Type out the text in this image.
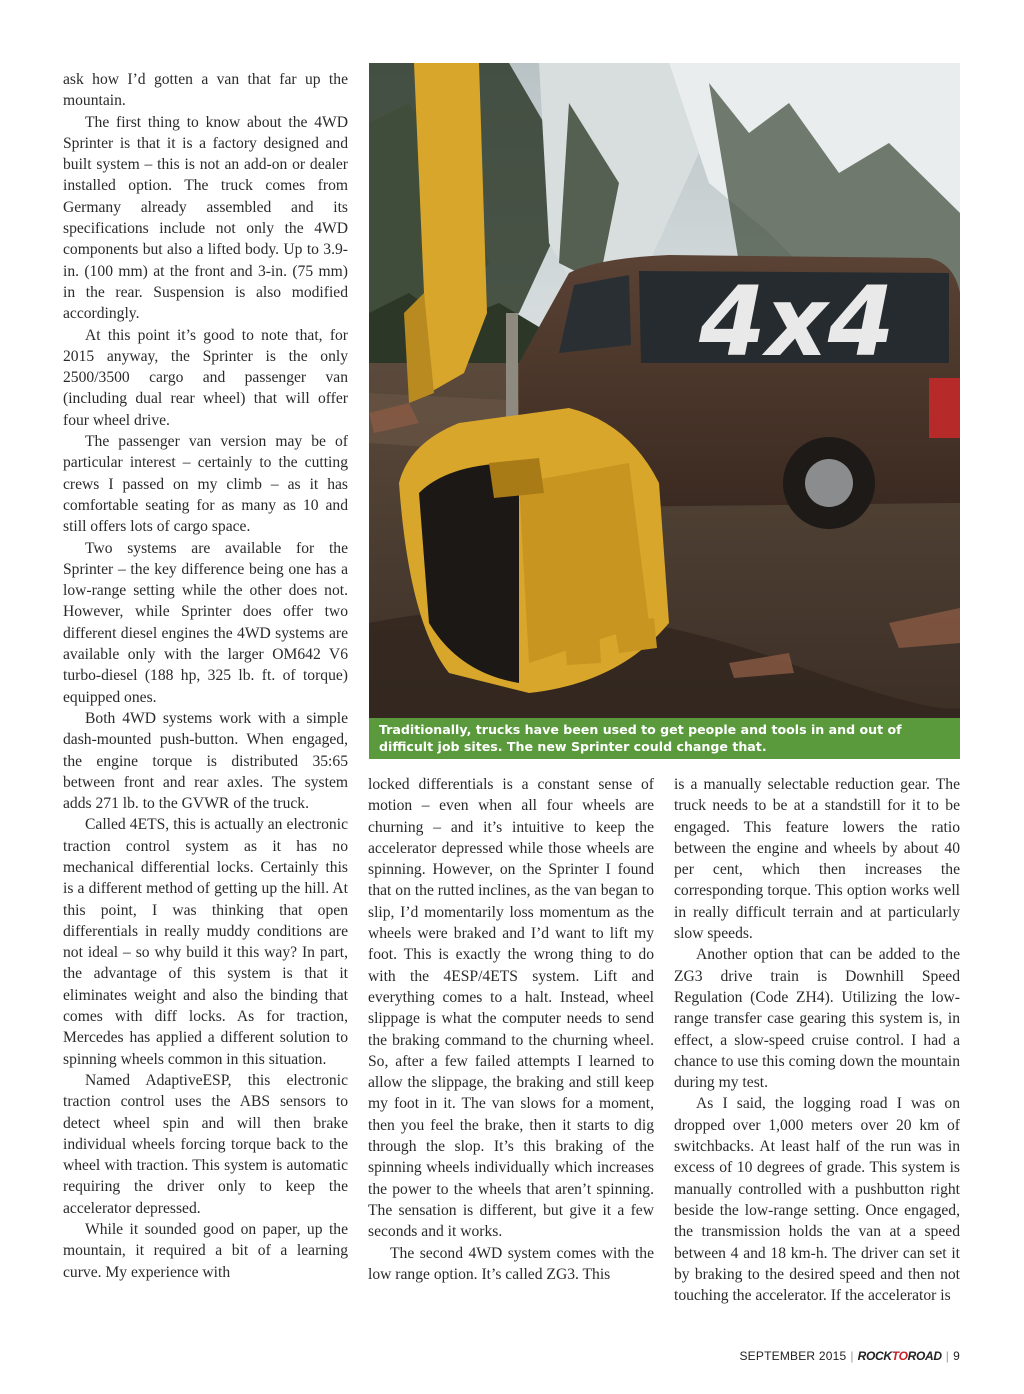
ask how I’d gotten a van that far up the mountain.

The first thing to know about the 4WD Sprinter is that it is a factory designed and built system – this is not an add-on or dealer installed option. The truck comes from Germany already assembled and its specifications include not only the 4WD components but also a lifted body. Up to 3.9-in. (100 mm) at the front and 3-in. (75 mm) in the rear. Suspension is also modified accordingly.

At this point it’s good to note that, for 2015 anyway, the Sprinter is the only 2500/3500 cargo and passenger van (including dual rear wheel) that will offer four wheel drive.

The passenger van version may be of particular interest – certainly to the cutting crews I passed on my climb – as it has comfortable seating for as many as 10 and still offers lots of cargo space.

Two systems are available for the Sprinter – the key difference being one has a low-range setting while the other does not. However, while Sprinter does offer two different diesel engines the 4WD systems are available only with the larger OM642 V6 turbo-diesel (188 hp, 325 lb. ft. of torque) equipped ones.

Both 4WD systems work with a simple dash-mounted push-button. When engaged, the engine torque is distributed 35:65 between front and rear axles. The system adds 271 lb. to the GVWR of the truck.

Called 4ETS, this is actually an electronic traction control system as it has no mechanical differential locks. Certainly this is a different method of getting up the hill. At this point, I was thinking that open differentials in really muddy conditions are not ideal – so why build it this way? In part, the advantage of this system is that it eliminates weight and also the binding that comes with diff locks. As for traction, Mercedes has applied a different solution to spinning wheels common in this situation.

Named AdaptiveESP, this electronic traction control uses the ABS sensors to detect wheel spin and will then brake individual wheels forcing torque back to the wheel with traction. This system is automatic requiring the driver only to keep the accelerator depressed.

While it sounded good on paper, up the mountain, it required a bit of a learning curve. My experience with

4x4
Traditionally, trucks have been used to get people and tools in and out of difficult job sites. The new Sprinter could change that.

locked differentials is a constant sense of motion – even when all four wheels are churning – and it’s intuitive to keep the accelerator depressed while those wheels are spinning. However, on the Sprinter I found that on the rutted inclines, as the van began to slip, I’d momentarily loss momentum as the wheels were braked and I’d want to lift my foot. This is exactly the wrong thing to do with the 4ESP/4ETS system. Lift and everything comes to a halt. Instead, wheel slippage is what the computer needs to send the braking command to the churning wheel. So, after a few failed attempts I learned to allow the slippage, the braking and still keep my foot in it. The van slows for a moment, then you feel the brake, then it starts to dig through the slop. It’s this braking of the spinning wheels individually which increases the power to the wheels that aren’t spinning. The sensation is different, but give it a few seconds and it works.

The second 4WD system comes with the low range option. It’s called ZG3. This

is a manually selectable reduction gear. The truck needs to be at a standstill for it to be engaged. This feature lowers the ratio between the engine and wheels by about 40 per cent, which then increases the corresponding torque. This option works well in really difficult terrain and at particularly slow speeds.

Another option that can be added to the ZG3 drive train is Downhill Speed Regulation (Code ZH4). Utilizing the low-range transfer case gearing this system is, in effect, a slow-speed cruise control. I had a chance to use this coming down the mountain during my test.

As I said, the logging road I was on dropped over 1,000 meters over 20 km of switchbacks. At least half of the run was in excess of 10 degrees of grade. This system is manually controlled with a pushbutton right beside the low-range setting. Once engaged, the transmission holds the van at a speed between 4 and 18 km-h. The driver can set it by braking to the desired speed and then not touching the accelerator. If the accelerator is

SEPTEMBER 2015 | ROCKTOROAD | 9
